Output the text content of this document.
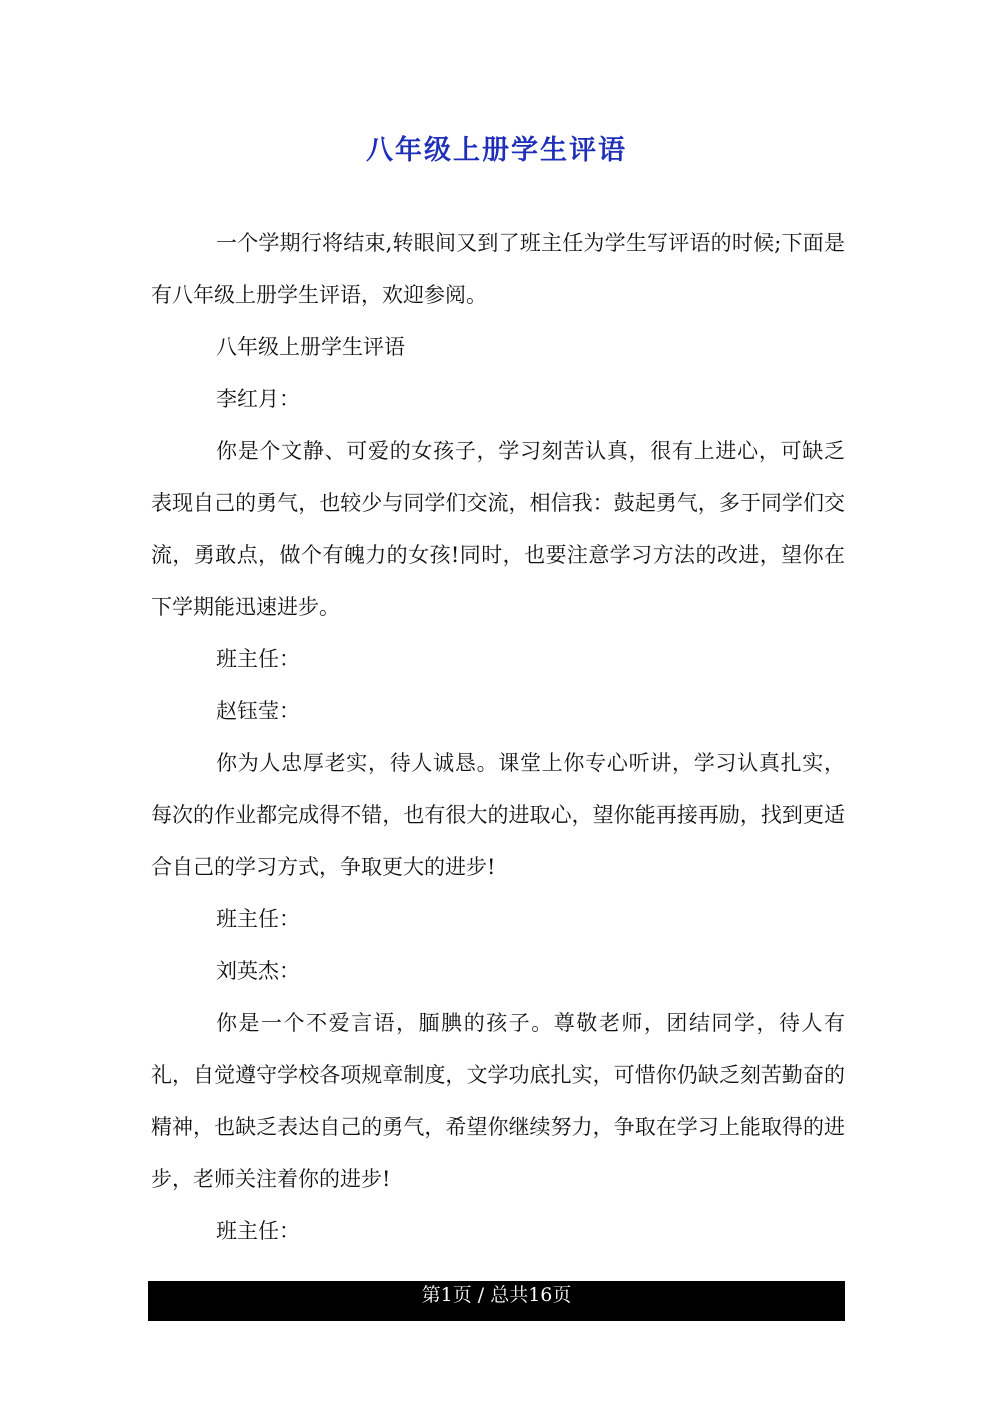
八年级上册学生评语

一个学期行将结束,转眼间又到了班主任为学生写评语的时候;下面是有八年级上册学生评语，欢迎参阅。

八年级上册学生评语

李红月：

你是个文静、可爱的女孩子，学习刻苦认真，很有上进心，可缺乏表现自己的勇气，也较少与同学们交流，相信我：鼓起勇气，多于同学们交流，勇敢点，做个有魄力的女孩!同时，也要注意学习方法的改进，望你在下学期能迅速进步。

班主任：

赵钰莹：

你为人忠厚老实，待人诚恳。课堂上你专心听讲，学习认真扎实，每次的作业都完成得不错，也有很大的进取心，望你能再接再励，找到更适合自己的学习方式，争取更大的进步!

班主任：

刘英杰：

你是一个不爱言语，腼腆的孩子。尊敬老师，团结同学，待人有礼，自觉遵守学校各项规章制度，文学功底扎实，可惜你仍缺乏刻苦勤奋的精神，也缺乏表达自己的勇气，希望你继续努力，争取在学习上能取得的进步，老师关注着你的进步!

班主任：

第1页 / 总共16页
